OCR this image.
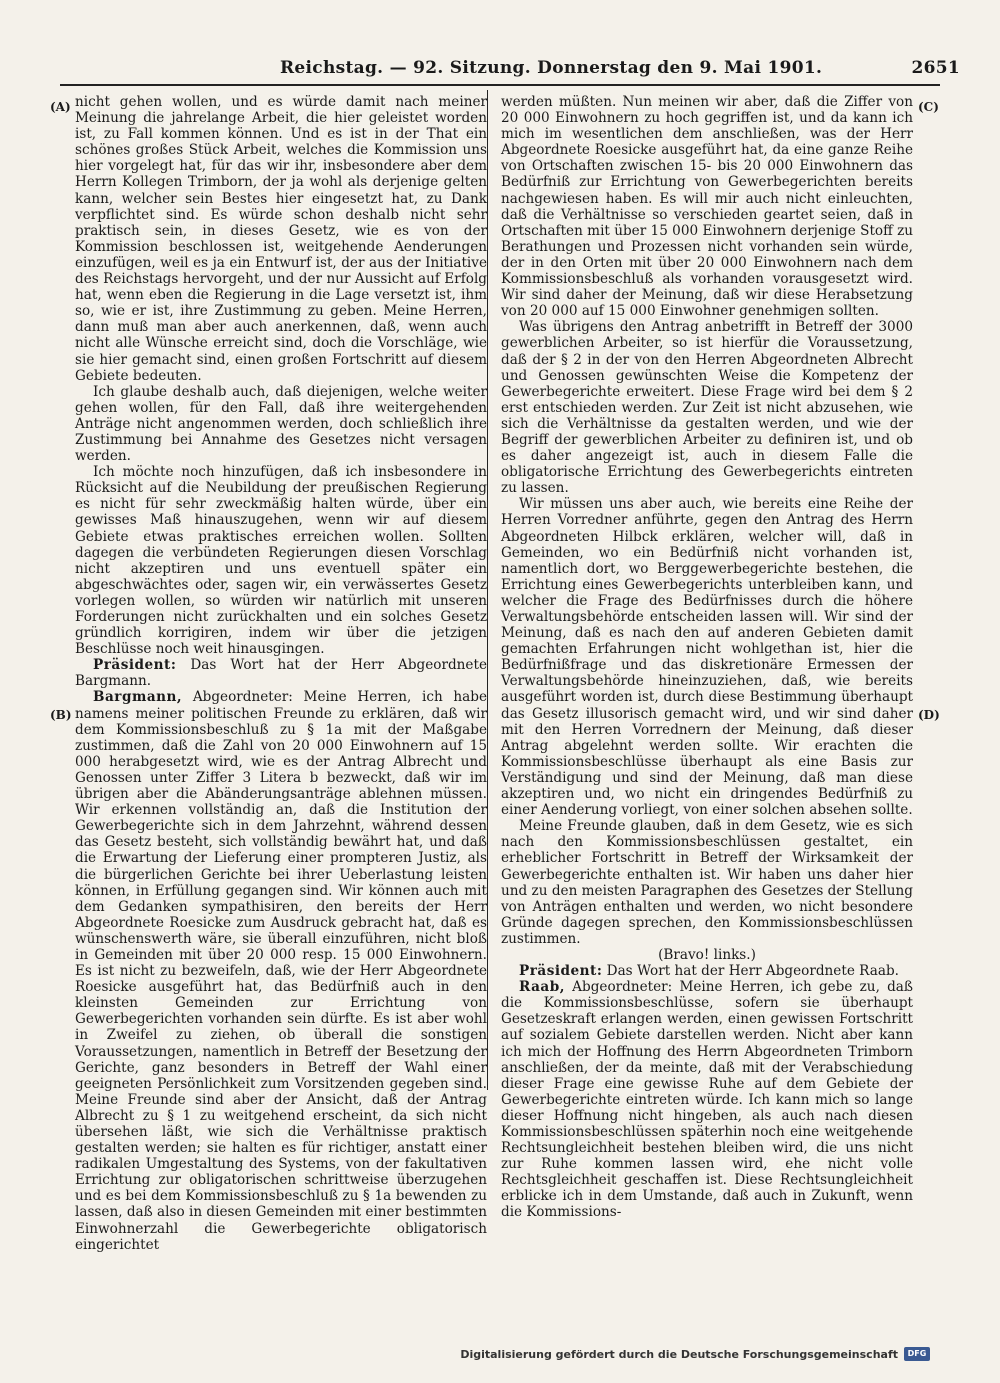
Reichstag. — 92. Sitzung. Donnerstag den 9. Mai 1901.	2651
(A)
(B)
(C)
(D)

nicht gehen wollen, und es würde damit nach meiner Meinung die jahrelange Arbeit, die hier geleistet worden ist, zu Fall kommen können. Und es ist in der That ein schönes großes Stück Arbeit, welches die Kommission uns hier vorgelegt hat, für das wir ihr, insbesondere aber dem Herrn Kollegen Trimborn, der ja wohl als derjenige gelten kann, welcher sein Bestes hier eingesetzt hat, zu Dank verpflichtet sind. Es würde schon deshalb nicht sehr praktisch sein, in dieses Gesetz, wie es von der Kommission beschlossen ist, weitgehende Aenderungen einzufügen, weil es ja ein Entwurf ist, der aus der Initiative des Reichstags hervorgeht, und der nur Aussicht auf Erfolg hat, wenn eben die Regierung in die Lage versetzt ist, ihm so, wie er ist, ihre Zustimmung zu geben. Meine Herren, dann muß man aber auch anerkennen, daß, wenn auch nicht alle Wünsche erreicht sind, doch die Vorschläge, wie sie hier gemacht sind, einen großen Fortschritt auf diesem Gebiete bedeuten.

Ich glaube deshalb auch, daß diejenigen, welche weiter gehen wollen, für den Fall, daß ihre weitergehenden Anträge nicht angenommen werden, doch schließlich ihre Zustimmung bei Annahme des Gesetzes nicht versagen werden.

Ich möchte noch hinzufügen, daß ich insbesondere in Rücksicht auf die Neubildung der preußischen Regierung es nicht für sehr zweckmäßig halten würde, über ein gewisses Maß hinauszugehen, wenn wir auf diesem Gebiete etwas praktisches erreichen wollen. Sollten dagegen die verbündeten Regierungen diesen Vorschlag nicht akzeptiren und uns eventuell später ein abgeschwächtes oder, sagen wir, ein verwässertes Gesetz vorlegen wollen, so würden wir natürlich mit unseren Forderungen nicht zurückhalten und ein solches Gesetz gründlich korrigiren, indem wir über die jetzigen Beschlüsse noch weit hinausgingen.

Präsident: Das Wort hat der Herr Abgeordnete Bargmann.

Bargmann, Abgeordneter: Meine Herren, ich habe namens meiner politischen Freunde zu erklären, daß wir dem Kommissionsbeschluß zu § 1a mit der Maßgabe zustimmen, daß die Zahl von 20 000 Einwohnern auf 15 000 herabgesetzt wird, wie es der Antrag Albrecht und Genossen unter Ziffer 3 Litera b bezweckt, daß wir im übrigen aber die Abänderungsanträge ablehnen müssen. Wir erkennen vollständig an, daß die Institution der Gewerbegerichte sich in dem Jahrzehnt, während dessen das Gesetz besteht, sich vollständig bewährt hat, und daß die Erwartung der Lieferung einer prompteren Justiz, als die bürgerlichen Gerichte bei ihrer Ueberlastung leisten können, in Erfüllung gegangen sind. Wir können auch mit dem Gedanken sympathisiren, den bereits der Herr Abgeordnete Roesicke zum Ausdruck gebracht hat, daß es wünschenswerth wäre, sie überall einzuführen, nicht bloß in Gemeinden mit über 20 000 resp. 15 000 Einwohnern. Es ist nicht zu bezweifeln, daß, wie der Herr Abgeordnete Roesicke ausgeführt hat, das Bedürfniß auch in den kleinsten Gemeinden zur Errichtung von Gewerbegerichten vorhanden sein dürfte. Es ist aber wohl in Zweifel zu ziehen, ob überall die sonstigen Voraussetzungen, namentlich in Betreff der Besetzung der Gerichte, ganz besonders in Betreff der Wahl einer geeigneten Persönlichkeit zum Vorsitzenden gegeben sind. Meine Freunde sind aber der Ansicht, daß der Antrag Albrecht zu § 1 zu weitgehend erscheint, da sich nicht übersehen läßt, wie sich die Verhältnisse praktisch gestalten werden; sie halten es für richtiger, anstatt einer radikalen Umgestaltung des Systems, von der fakultativen Errichtung zur obligatorischen schrittweise überzugehen und es bei dem Kommissionsbeschluß zu § 1a bewenden zu lassen, daß also in diesen Gemeinden mit einer bestimmten Einwohnerzahl die Gewerbegerichte obligatorisch eingerichtet

werden müßten. Nun meinen wir aber, daß die Ziffer von 20 000 Einwohnern zu hoch gegriffen ist, und da kann ich mich im wesentlichen dem anschließen, was der Herr Abgeordnete Roesicke ausgeführt hat, da eine ganze Reihe von Ortschaften zwischen 15- bis 20 000 Einwohnern das Bedürfniß zur Errichtung von Gewerbegerichten bereits nachgewiesen haben. Es will mir auch nicht einleuchten, daß die Verhältnisse so verschieden geartet seien, daß in Ortschaften mit über 15 000 Einwohnern derjenige Stoff zu Berathungen und Prozessen nicht vorhanden sein würde, der in den Orten mit über 20 000 Einwohnern nach dem Kommissionsbeschluß als vorhanden vorausgesetzt wird. Wir sind daher der Meinung, daß wir diese Herabsetzung von 20 000 auf 15 000 Einwohner genehmigen sollten.

Was übrigens den Antrag anbetrifft in Betreff der 3000 gewerblichen Arbeiter, so ist hierfür die Voraussetzung, daß der § 2 in der von den Herren Abgeordneten Albrecht und Genossen gewünschten Weise die Kompetenz der Gewerbegerichte erweitert. Diese Frage wird bei dem § 2 erst entschieden werden. Zur Zeit ist nicht abzusehen, wie sich die Verhältnisse da gestalten werden, und wie der Begriff der gewerblichen Arbeiter zu definiren ist, und ob es daher angezeigt ist, auch in diesem Falle die obligatorische Errichtung des Gewerbegerichts eintreten zu lassen.

Wir müssen uns aber auch, wie bereits eine Reihe der Herren Vorredner anführte, gegen den Antrag des Herrn Abgeordneten Hilbck erklären, welcher will, daß in Gemeinden, wo ein Bedürfniß nicht vorhanden ist, namentlich dort, wo Berggewerbegerichte bestehen, die Errichtung eines Gewerbegerichts unterbleiben kann, und welcher die Frage des Bedürfnisses durch die höhere Verwaltungsbehörde entscheiden lassen will. Wir sind der Meinung, daß es nach den auf anderen Gebieten damit gemachten Erfahrungen nicht wohlgethan ist, hier die Bedürfnißfrage und das diskretionäre Ermessen der Verwaltungsbehörde hineinzuziehen, daß, wie bereits ausgeführt worden ist, durch diese Bestimmung überhaupt das Gesetz illusorisch gemacht wird, und wir sind daher mit den Herren Vorrednern der Meinung, daß dieser Antrag abgelehnt werden sollte. Wir erachten die Kommissionsbeschlüsse überhaupt als eine Basis zur Verständigung und sind der Meinung, daß man diese akzeptiren und, wo nicht ein dringendes Bedürfniß zu einer Aenderung vorliegt, von einer solchen absehen sollte.

Meine Freunde glauben, daß in dem Gesetz, wie es sich nach den Kommissionsbeschlüssen gestaltet, ein erheblicher Fortschritt in Betreff der Wirksamkeit der Gewerbegerichte enthalten ist. Wir haben uns daher hier und zu den meisten Paragraphen des Gesetzes der Stellung von Anträgen enthalten und werden, wo nicht besondere Gründe dagegen sprechen, den Kommissionsbeschlüssen zustimmen.

(Bravo! links.)

Präsident: Das Wort hat der Herr Abgeordnete Raab.

Raab, Abgeordneter: Meine Herren, ich gebe zu, daß die Kommissionsbeschlüsse, sofern sie überhaupt Gesetzeskraft erlangen werden, einen gewissen Fortschritt auf sozialem Gebiete darstellen werden. Nicht aber kann ich mich der Hoffnung des Herrn Abgeordneten Trimborn anschließen, der da meinte, daß mit der Verabschiedung dieser Frage eine gewisse Ruhe auf dem Gebiete der Gewerbegerichte eintreten würde. Ich kann mich so lange dieser Hoffnung nicht hingeben, als auch nach diesen Kommissionsbeschlüssen späterhin noch eine weitgehende Rechtsungleichheit bestehen bleiben wird, die uns nicht zur Ruhe kommen lassen wird, ehe nicht volle Rechtsgleichheit geschaffen ist. Diese Rechtsungleichheit erblicke ich in dem Umstande, daß auch in Zukunft, wenn die Kommissions-

Digitalisierung gefördert durch die Deutsche Forschungsgemeinschaft	DFG
